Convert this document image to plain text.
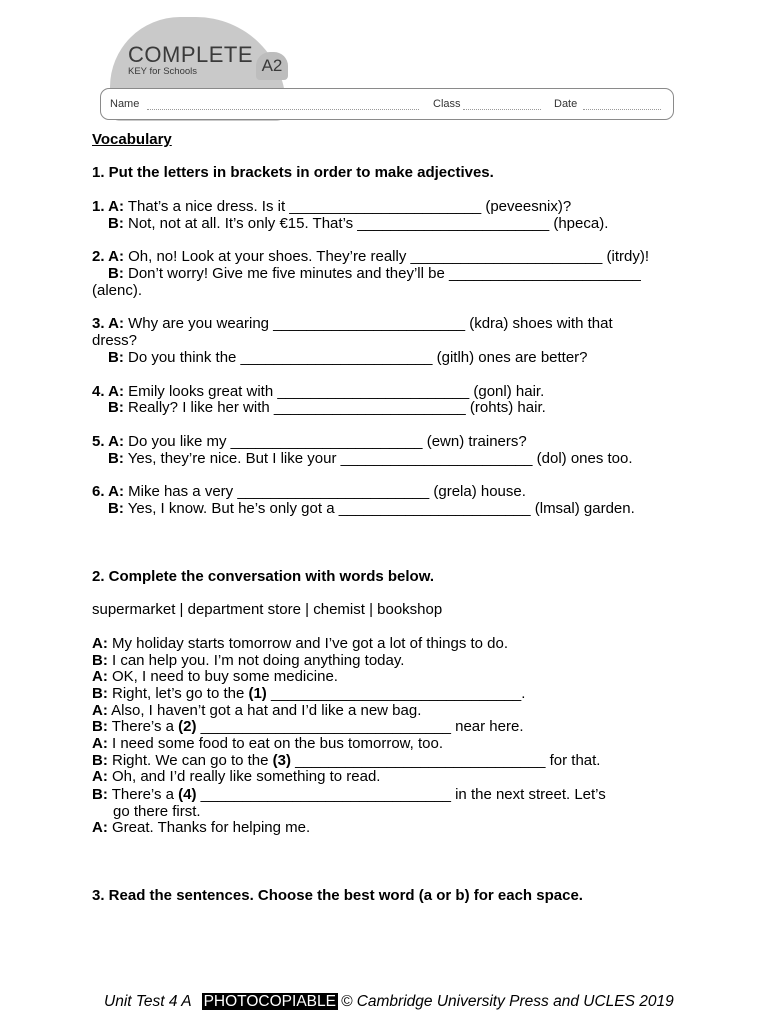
COMPLETE
KEY for Schools	A2
Name	Class	Date
Vocabulary
1. Put the letters in brackets in order to make adjectives.
1. A: That’s a nice dress. Is it _______________________ (peveesnix)?
B: Not, not at all. It’s only €15. That’s _______________________ (hpeca).
2. A: Oh, no! Look at your shoes. They’re really _______________________ (itrdy)!
B: Don’t worry! Give me five minutes and they’ll be _______________________
(alenc).
3. A: Why are you wearing _______________________ (kdra) shoes with that
dress?
B: Do you think the _______________________ (gitlh) ones are better?
4. A: Emily looks great with _______________________ (gonl) hair.
B: Really? I like her with _______________________ (rohts) hair.
5. A: Do you like my _______________________ (ewn) trainers?
B: Yes, they’re nice. But I like your _______________________ (dol) ones too.
6. A: Mike has a very _______________________ (grela) house.
B: Yes, I know. But he’s only got a _______________________ (lmsal) garden.
2. Complete the conversation with words below.
supermarket | department store | chemist | bookshop
A: My holiday starts tomorrow and I’ve got a lot of things to do.
B: I can help you. I’m not doing anything today.
A: OK, I need to buy some medicine.
B: Right, let’s go to the (1) ______________________________.
A: Also, I haven’t got a hat and I’d like a new bag.
B: There’s a (2) ______________________________ near here.
A: I need some food to eat on the bus tomorrow, too.
B: Right. We can go to the (3) ______________________________ for that.
A: Oh, and I’d really like something to read.
B: There’s a (4) ______________________________ in the next street. Let’s
go there first.
A: Great. Thanks for helping me.
3. Read the sentences. Choose the best word (a or b) for each space.
Unit Test 4 A PHOTOCOPIABLE © Cambridge University Press and UCLES 2019
